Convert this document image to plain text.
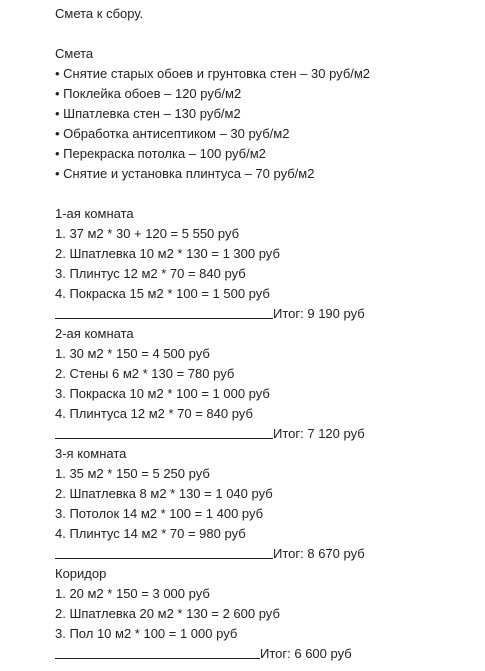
Смета к сбору.
Смета
• Снятие старых обоев и грунтовка стен – 30 руб/м2
• Поклейка обоев – 120 руб/м2
• Шпатлевка стен – 130 руб/м2
• Обработка антисептиком – 30 руб/м2
• Перекраска потолка – 100 руб/м2
• Снятие и установка плинтуса – 70 руб/м2
1-ая комната
1. 37 м2 * 30 + 120 = 5 550 руб
2. Шпатлевка 10 м2 * 130 = 1 300 руб
3. Плинтус 12 м2 * 70 = 840 руб
4. Покраска 15 м2 * 100 = 1 500 руб
Итог: 9 190 руб
2-ая комната
1. 30 м2 * 150 = 4 500 руб
2. Стены 6 м2 * 130 = 780 руб
3. Покраска 10 м2 * 100 = 1 000 руб
4. Плинтуса 12 м2 * 70 = 840 руб
Итог: 7 120 руб
3-я комната
1. 35 м2 * 150 = 5 250 руб
2. Шпатлевка 8 м2 * 130 = 1 040 руб
3. Потолок 14 м2 * 100 = 1 400 руб
4. Плинтус 14 м2 * 70 = 980 руб
Итог: 8 670 руб
Коридор
1. 20 м2 * 150 = 3 000 руб
2. Шпатлевка 20 м2 * 130 = 2 600 руб
3. Пол 10 м2 * 100 = 1 000 руб
Итог: 6 600 руб
